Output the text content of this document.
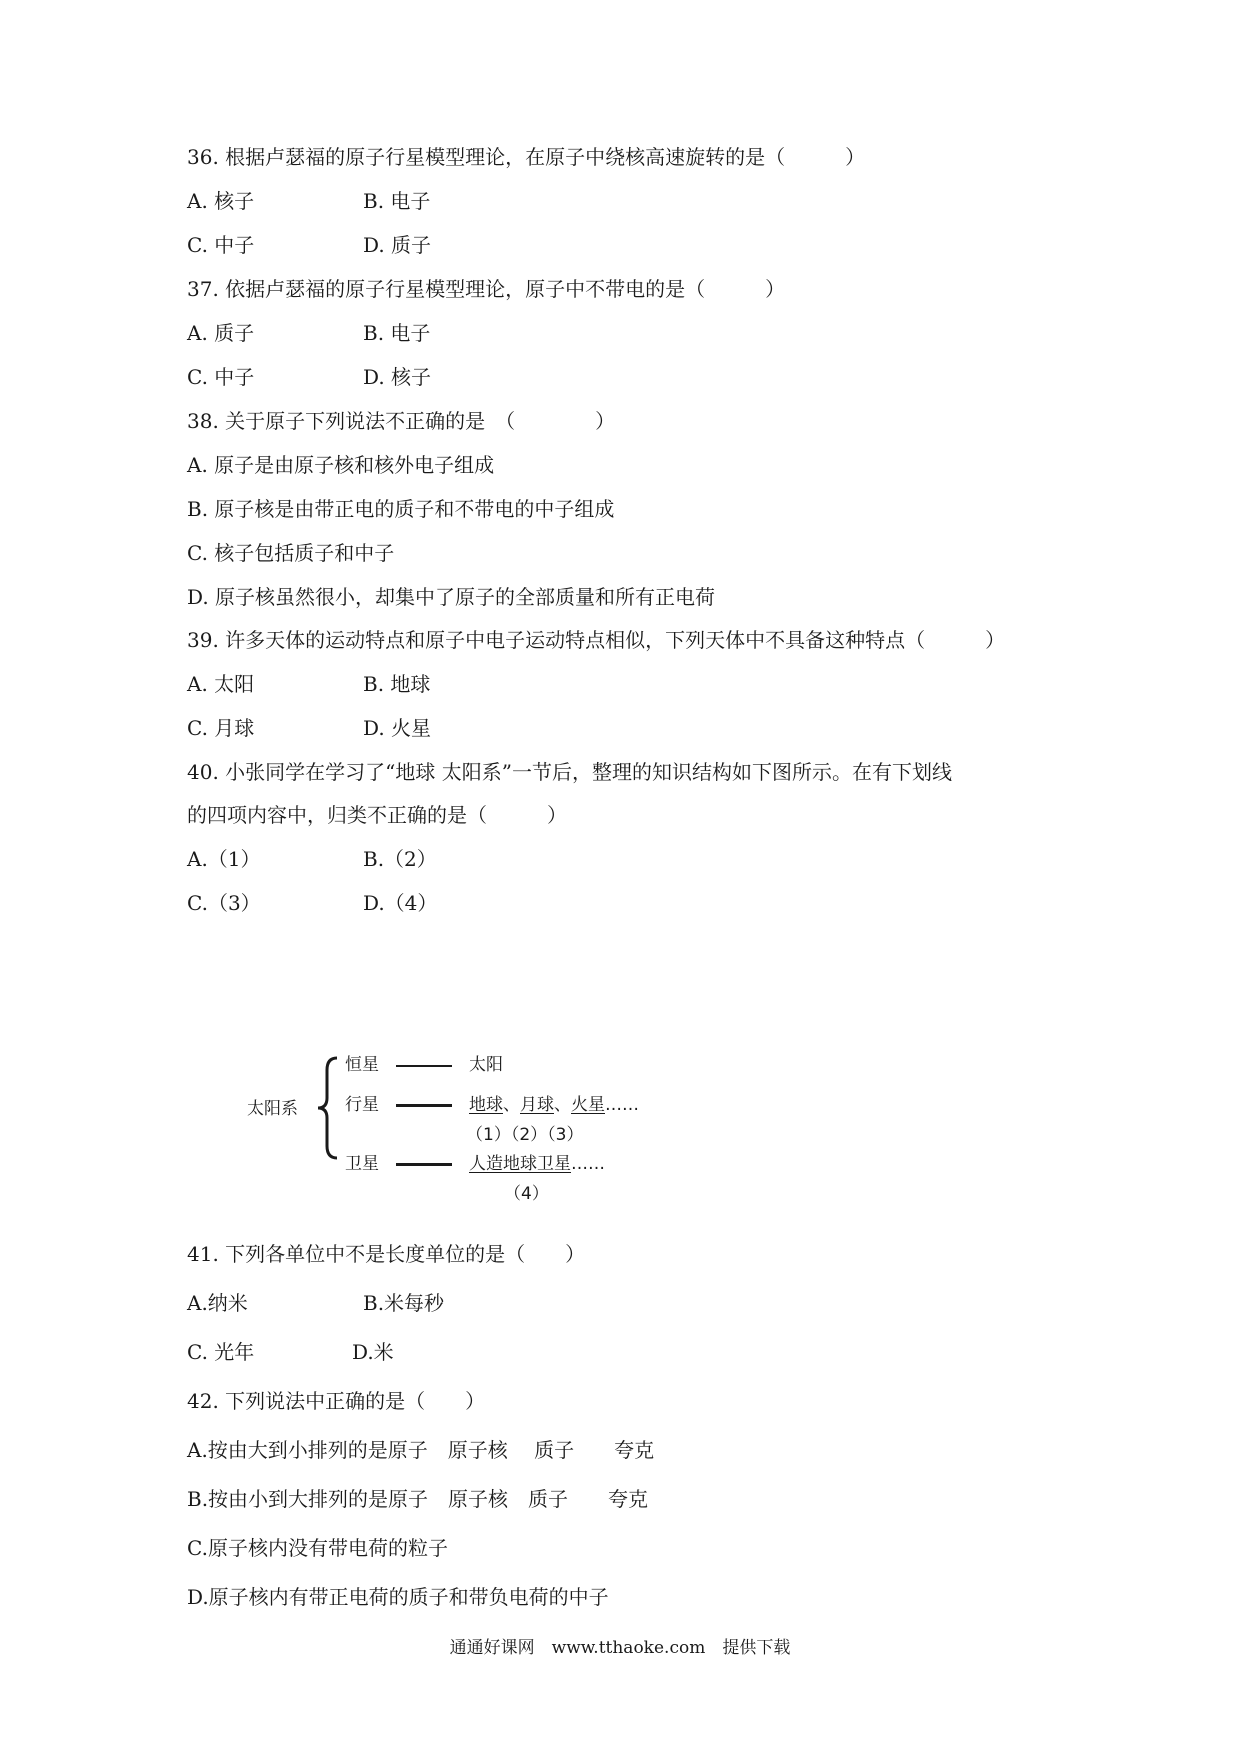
36. 根据卢瑟福的原子行星模型理论，在原子中绕核高速旋转的是（　　　）
A. 核子	B. 电子
C. 中子	D. 质子
37. 依据卢瑟福的原子行星模型理论，原子中不带电的是（　　　）
A. 质子	B. 电子
C. 中子	D. 核子
38. 关于原子下列说法不正确的是　（　　　　）
A. 原子是由原子核和核外电子组成
B. 原子核是由带正电的质子和不带电的中子组成
C. 核子包括质子和中子
D. 原子核虽然很小，却集中了原子的全部质量和所有正电荷
39. 许多天体的运动特点和原子中电子运动特点相似，下列天体中不具备这种特点（　　　）
A. 太阳	B. 地球
C. 月球	D. 火星
40. 小张同学在学习了“地球 太阳系”一节后，整理的知识结构如下图所示。在有下划线
的四项内容中，归类不正确的是（　　　）
A.（1）	B.（2）
C.（3）	D.（4）
太阳系
恒星	太阳
行星	地球、月球、火星……
（1）（2）（3）
卫星	人造地球卫星……
（4）
41. 下列各单位中不是长度单位的是（　　）
A.纳米	B.米每秒
C. 光年	D.米
42. 下列说法中正确的是（　　）
A.按由大到小排列的是原子　原子核　 质子　　夸克
B.按由小到大排列的是原子　原子核　质子　　夸克
C.原子核内没有带电荷的粒子
D.原子核内有带正电荷的质子和带负电荷的中子
通通好课网　www.tthaoke.com　提供下载
